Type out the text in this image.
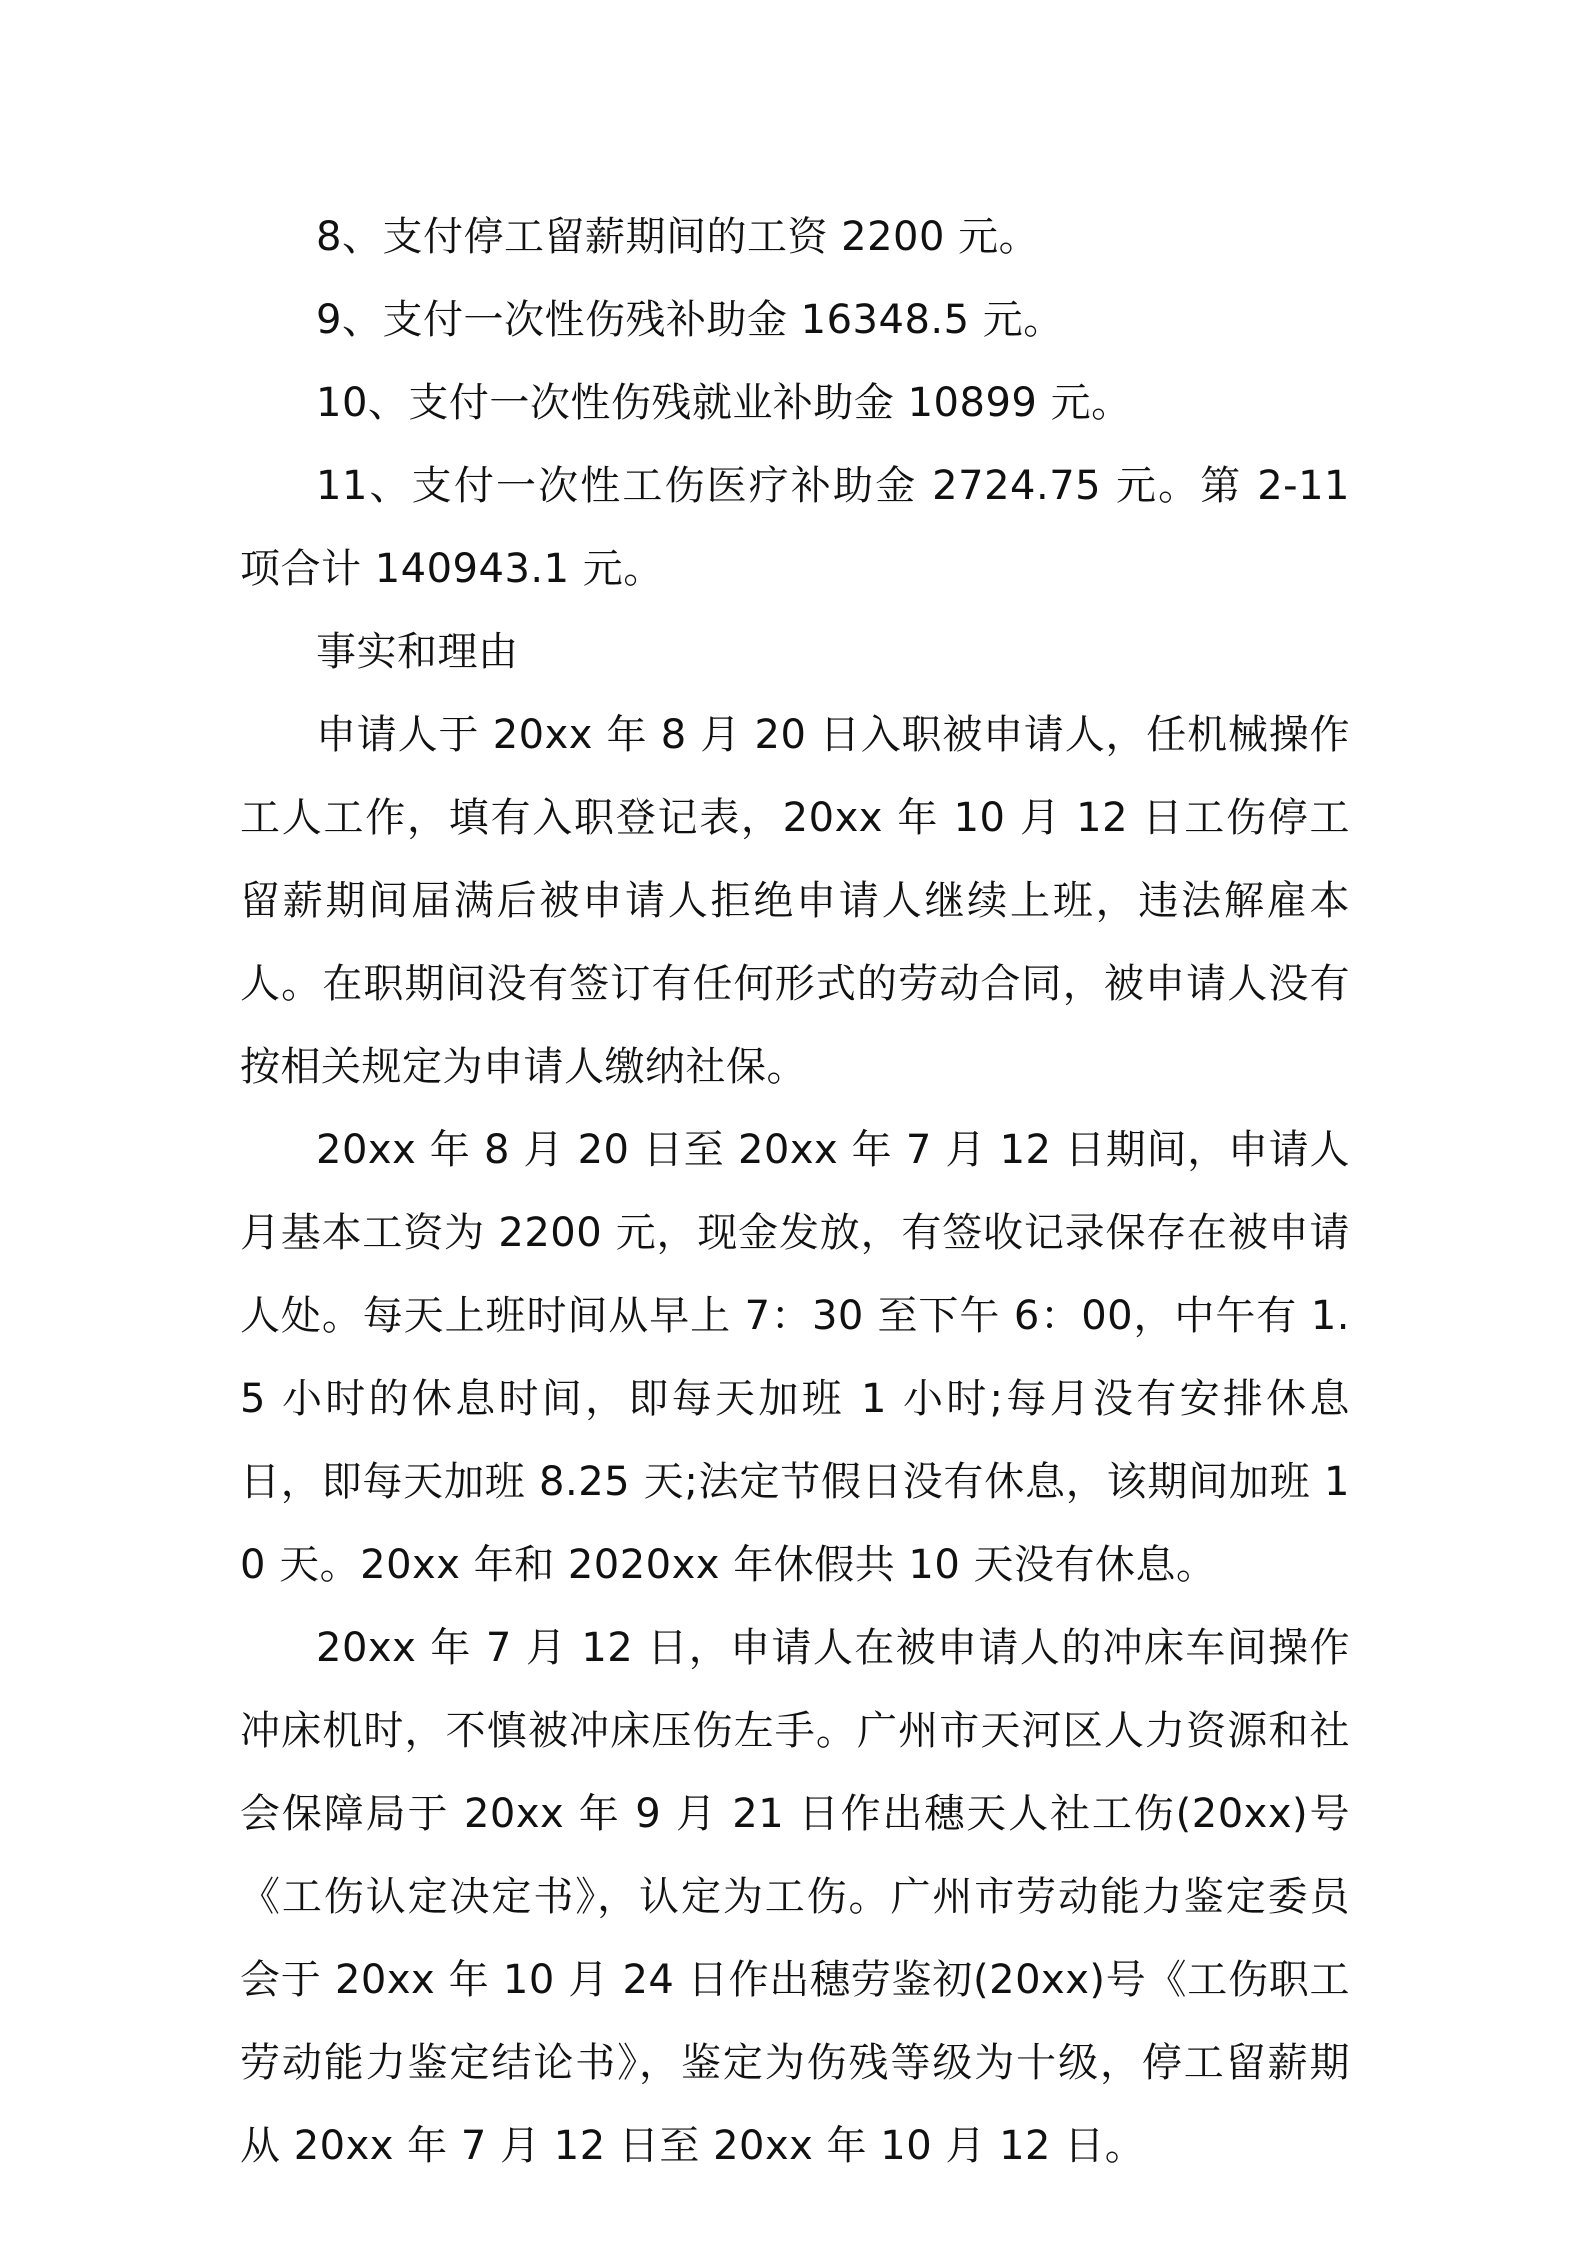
8、支付停工留薪期间的工资 2200 元。

9、支付一次性伤残补助金 16348.5 元。

10、支付一次性伤残就业补助金 10899 元。

11、支付一次性工伤医疗补助金 2724.75 元。第 2-11 项合计 140943.1 元。

事实和理由

申请人于 20xx 年 8 月 20 日入职被申请人，任机械操作工人工作，填有入职登记表，20xx 年 10 月 12 日工伤停工留薪期间届满后被申请人拒绝申请人继续上班，违法解雇本人。在职期间没有签订有任何形式的劳动合同，被申请人没有按相关规定为申请人缴纳社保。

20xx 年 8 月 20 日至 20xx 年 7 月 12 日期间，申请人月基本工资为 2200 元，现金发放，有签收记录保存在被申请人处。每天上班时间从早上 7：30 至下午 6：00，中午有 1.5 小时的休息时间，即每天加班 1 小时;每月没有安排休息日，即每天加班 8.25 天;法定节假日没有休息，该期间加班 10 天。20xx 年和 2020xx 年休假共 10 天没有休息。

20xx 年 7 月 12 日，申请人在被申请人的冲床车间操作冲床机时，不慎被冲床压伤左手。广州市天河区人力资源和社会保障局于 20xx 年 9 月 21 日作出穗天人社工伤(20xx)号《工伤认定决定书》，认定为工伤。广州市劳动能力鉴定委员会于 20xx 年 10 月 24 日作出穗劳鉴初(20xx)号《工伤职工劳动能力鉴定结论书》，鉴定为伤残等级为十级，停工留薪期从 20xx 年 7 月 12 日至 20xx 年 10 月 12 日。
